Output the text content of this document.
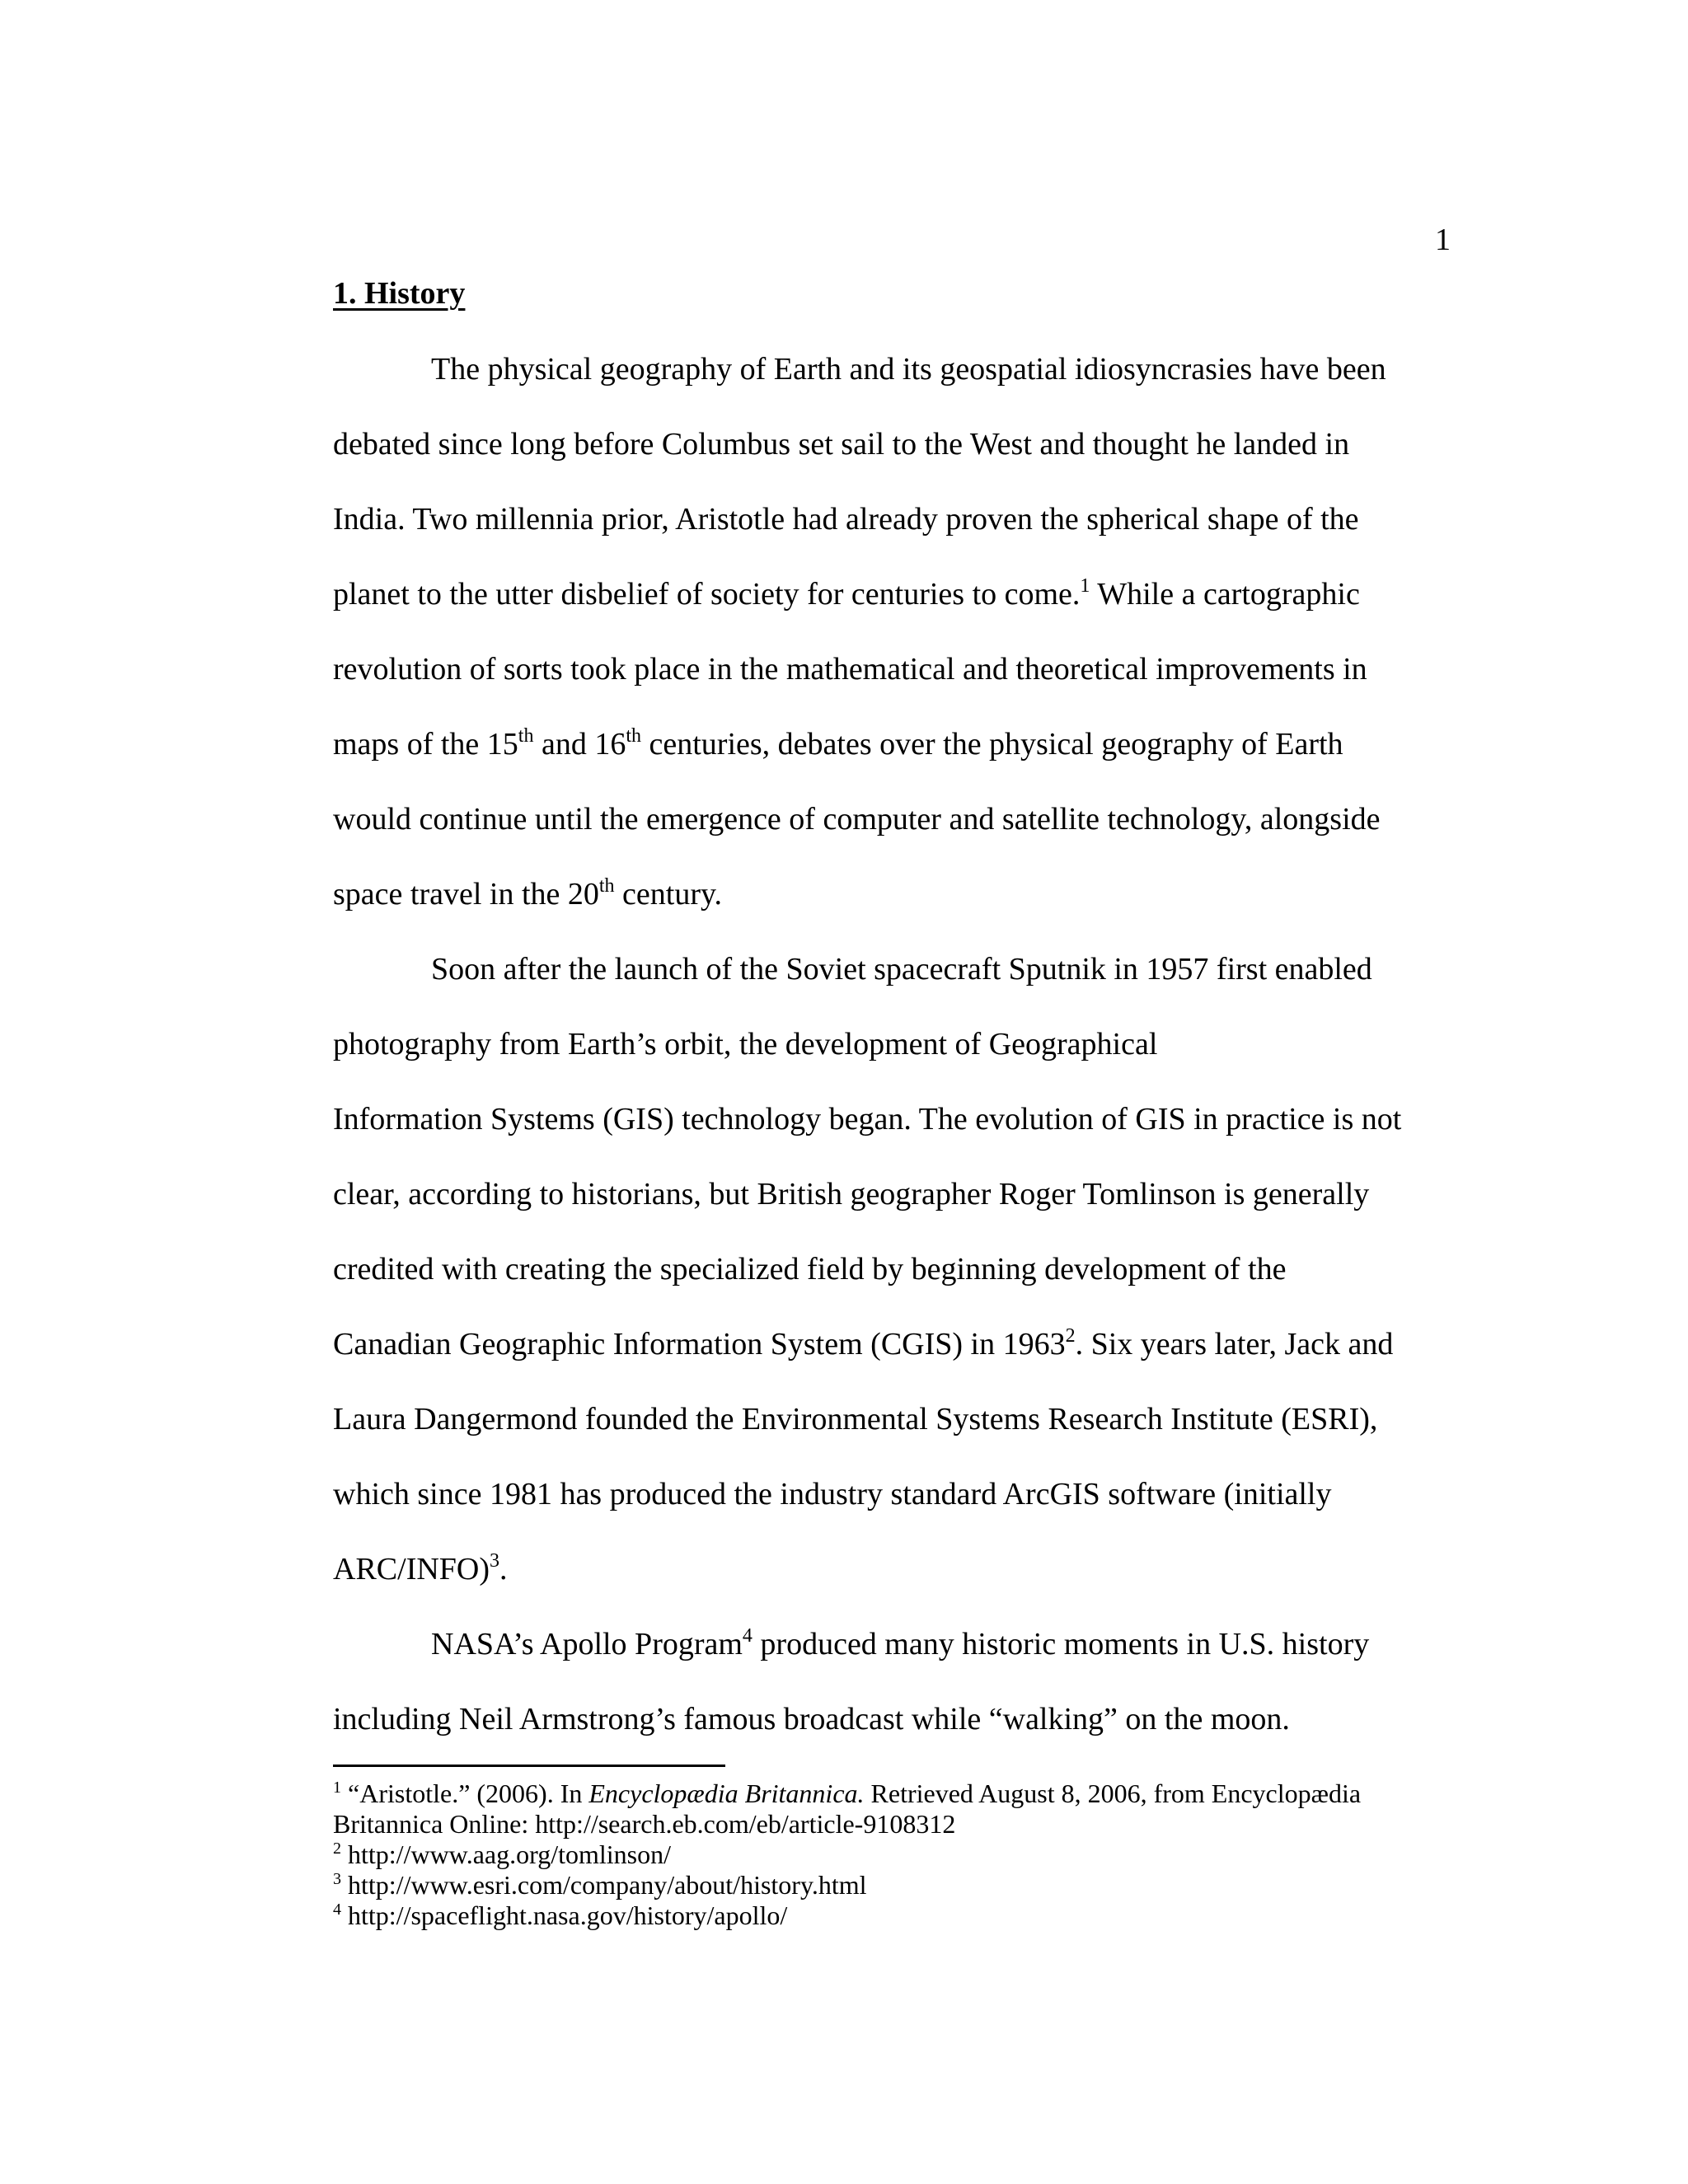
1
1. History

The physical geography of Earth and its geospatial idiosyncrasies have been

debated since long before Columbus set sail to the West and thought he landed in

India. Two millennia prior, Aristotle had already proven the spherical shape of the

planet to the utter disbelief of society for centuries to come.$^1$ While a cartographic

revolution of sorts took place in the mathematical and theoretical improvements in

maps of the 15th and 16th centuries, debates over the physical geography of Earth

would continue until the emergence of computer and satellite technology, alongside

space travel in the 20th century.

Soon after the launch of the Soviet spacecraft Sputnik in 1957 first enabled

photography from Earth’s orbit, the development of Geographical

Information Systems (GIS) technology began. The evolution of GIS in practice is not

clear, according to historians, but British geographer Roger Tomlinson is generally

credited with creating the specialized field by beginning development of the

Canadian Geographic Information System (CGIS) in 1963$^2$. Six years later, Jack and

Laura Dangermond founded the Environmental Systems Research Institute (ESRI),

which since 1981 has produced the industry standard ArcGIS software (initially

ARC/INFO)$^3$.

NASA’s Apollo Program$^4$ produced many historic moments in U.S. history

including Neil Armstrong’s famous broadcast while “walking” on the moon.

$^1$ “Aristotle.” (2006). In Encyclopædia Britannica. Retrieved August 8, 2006, from Encyclopædia

Britannica Online: http://search.eb.com/eb/article-9108312

$^2$ http://www.aag.org/tomlinson/

$^3$ http://www.esri.com/company/about/history.html

$^4$ http://spaceflight.nasa.gov/history/apollo/
